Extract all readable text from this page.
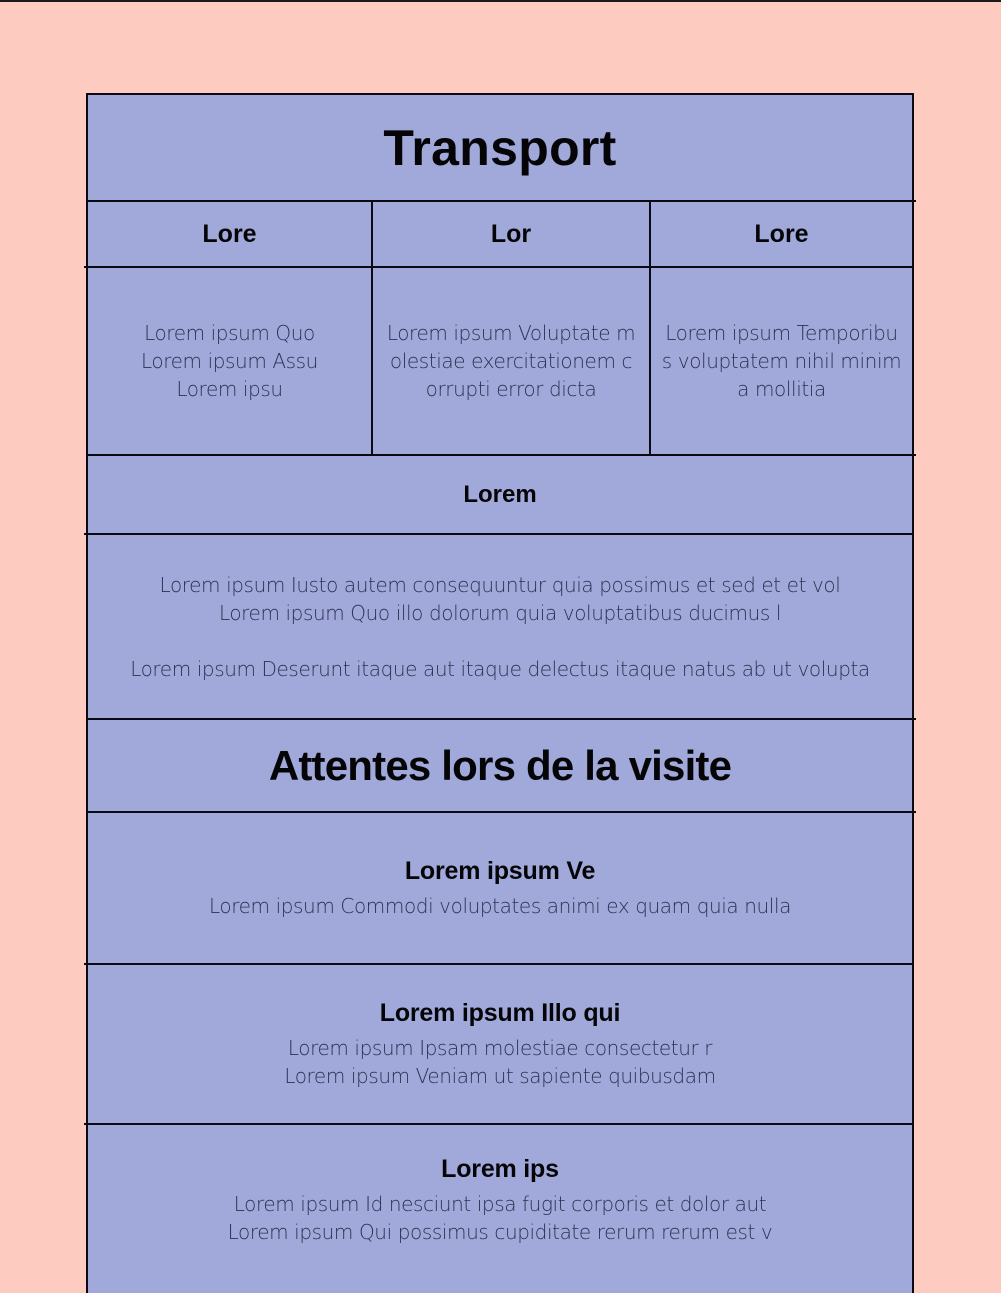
Transport
Lore	Lor	Lore
Lorem ipsum Quo
Lorem ipsum Assu
Lorem ipsu
Lorem ipsum Voluptate m
olestiae exercitationem c
orrupti error dicta
Lorem ipsum Temporibu
s voluptatem nihil minim
a mollitia
Lorem
Lorem ipsum Iusto autem consequuntur quia possimus et sed et et vol
Lorem ipsum Quo illo dolorum quia voluptatibus ducimus l
Lorem ipsum Deserunt itaque aut itaque delectus itaque natus ab ut volupta
Attentes lors de la visite
Lorem ipsum Ve
Lorem ipsum Commodi voluptates animi ex quam quia nulla
Lorem ipsum Illo qui
Lorem ipsum Ipsam molestiae consectetur r
Lorem ipsum Veniam ut sapiente quibusdam
Lorem ips
Lorem ipsum Id nesciunt ipsa fugit corporis et dolor aut
Lorem ipsum Qui possimus cupiditate rerum rerum est v
